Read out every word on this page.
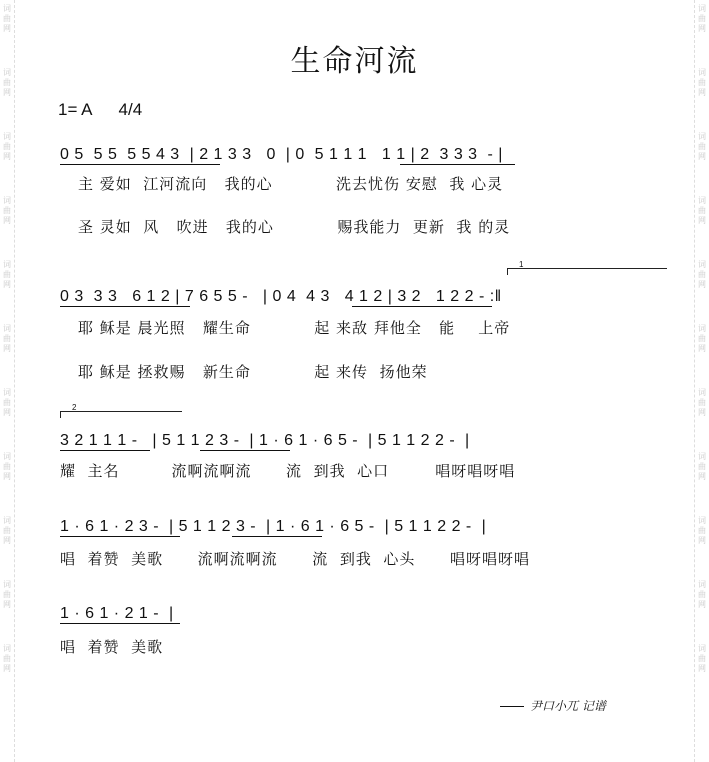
词
曲
网
词
曲
网
词
曲
网
词
曲
网
词
曲
网
词
曲
网
词
曲
网
词
曲
网
词
曲
网
词
曲
网
词
曲
网
词
曲
网
词
曲
网
词
曲
网
词
曲
网
词
曲
网
词
曲
网
词
曲
网
词
曲
网
词
曲
网
词
曲
网
词
曲
网
生命河流
1= A 4/4
0 5  5 5  5 5 4 3  | 2 1 3 3   0  | 0  5 1 1 1   1 1 | 2  3 3 3  - |
主 爱如  江河流向   我的心           洗去忧伤 安慰  我 心灵
圣 灵如  风   吹进   我的心           赐我能力  更新  我 的灵
1
0 3  3 3   6 1 2 | 7 6 5 5 -   | 0 4  4 3   4 1 2 | 3 2   1 2 2 - :‖
耶 稣是 晨光照   耀生命           起 来敌 拜他全   能    上帝
耶 稣是 拯救赐   新生命           起 来传  扬他荣
2
3 2 1 1 1 -   | 5 1 1 2 3 -  | 1 · 6 1 · 6 5 -  | 5 1 1 2 2 -  |
耀  主名         流啊流啊流      流  到我  心口        唱呀唱呀唱
1 · 6 1 · 2 3 -  | 5 1 1 2 3 -  | 1 · 6 1 · 6 5 -  | 5 1 1 2 2 -  |
唱  着赞  美歌      流啊流啊流      流  到我  心头      唱呀唱呀唱
1 · 6 1 · 2 1 -  |
唱  着赞  美歌
尹口小兀 记谱
